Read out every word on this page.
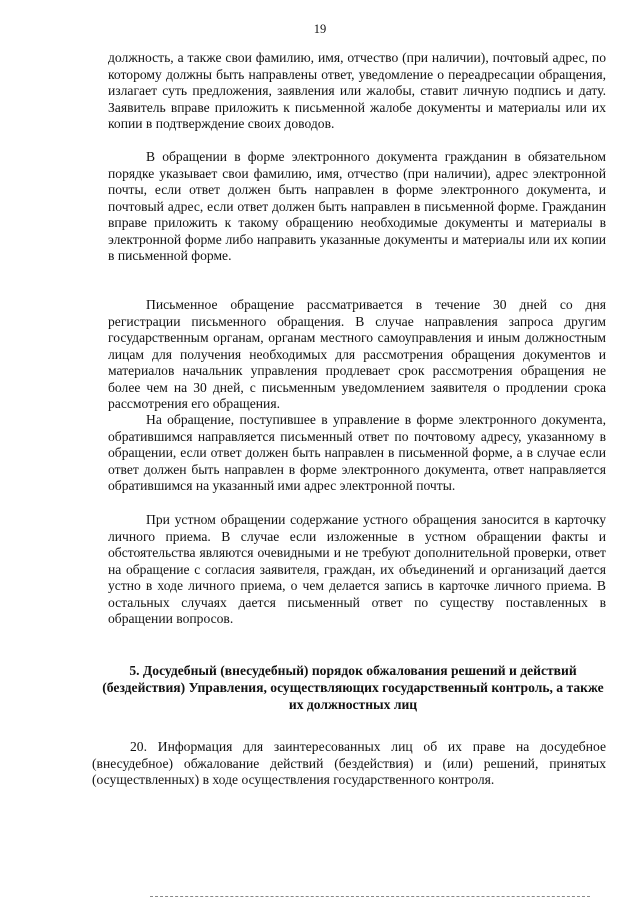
19

должность, а также свои фамилию, имя, отчество (при наличии), почтовый адрес, по которому должны быть направлены ответ, уведомление о переадресации обращения, излагает суть предложения, заявления или жалобы, ставит личную подпись и дату. Заявитель вправе приложить к письменной жалобе документы и материалы или их копии в подтверждение своих доводов.

В обращении в форме электронного документа гражданин в обязательном порядке указывает свои фамилию, имя, отчество (при наличии), адрес электронной почты, если ответ должен быть направлен в форме электронного документа, и почтовый адрес, если ответ должен быть направлен в письменной форме. Гражданин вправе приложить к такому обращению необходимые документы и материалы в электронной форме либо направить указанные документы и материалы или их копии в письменной форме.

Письменное обращение рассматривается в течение 30 дней со дня регистрации письменного обращения. В случае направления запроса другим государственным органам, органам местного самоуправления и иным должностным лицам для получения необходимых для рассмотрения обращения документов и материалов начальник управления продлевает срок рассмотрения обращения не более чем на 30 дней, с письменным уведомлением заявителя о продлении срока рассмотрения его обращения.

На обращение, поступившее в управление в форме электронного документа, обратившимся направляется письменный ответ по почтовому адресу, указанному в обращении, если ответ должен быть направлен в письменной форме, а в случае если ответ должен быть направлен в форме электронного документа, ответ направляется обратившимся на указанный ими адрес электронной почты.

При устном обращении содержание устного обращения заносится в карточку личного приема. В случае если изложенные в устном обращении факты и обстоятельства являются очевидными и не требуют дополнительной проверки, ответ на обращение с согласия заявителя, граждан, их объединений и организаций дается устно в ходе личного приема, о чем делается запись в карточке личного приема. В остальных случаях дается письменный ответ по существу поставленных в обращении вопросов.

5. Досудебный (внесудебный) порядок обжалования решений и действий (бездействия) Управления, осуществляющих государственный контроль, а также их должностных лиц

20. Информация для заинтересованных лиц об их праве на досудебное (внесудебное) обжалование действий (бездействия) и (или) решений, принятых (осуществленных) в ходе осуществления государственного контроля.
